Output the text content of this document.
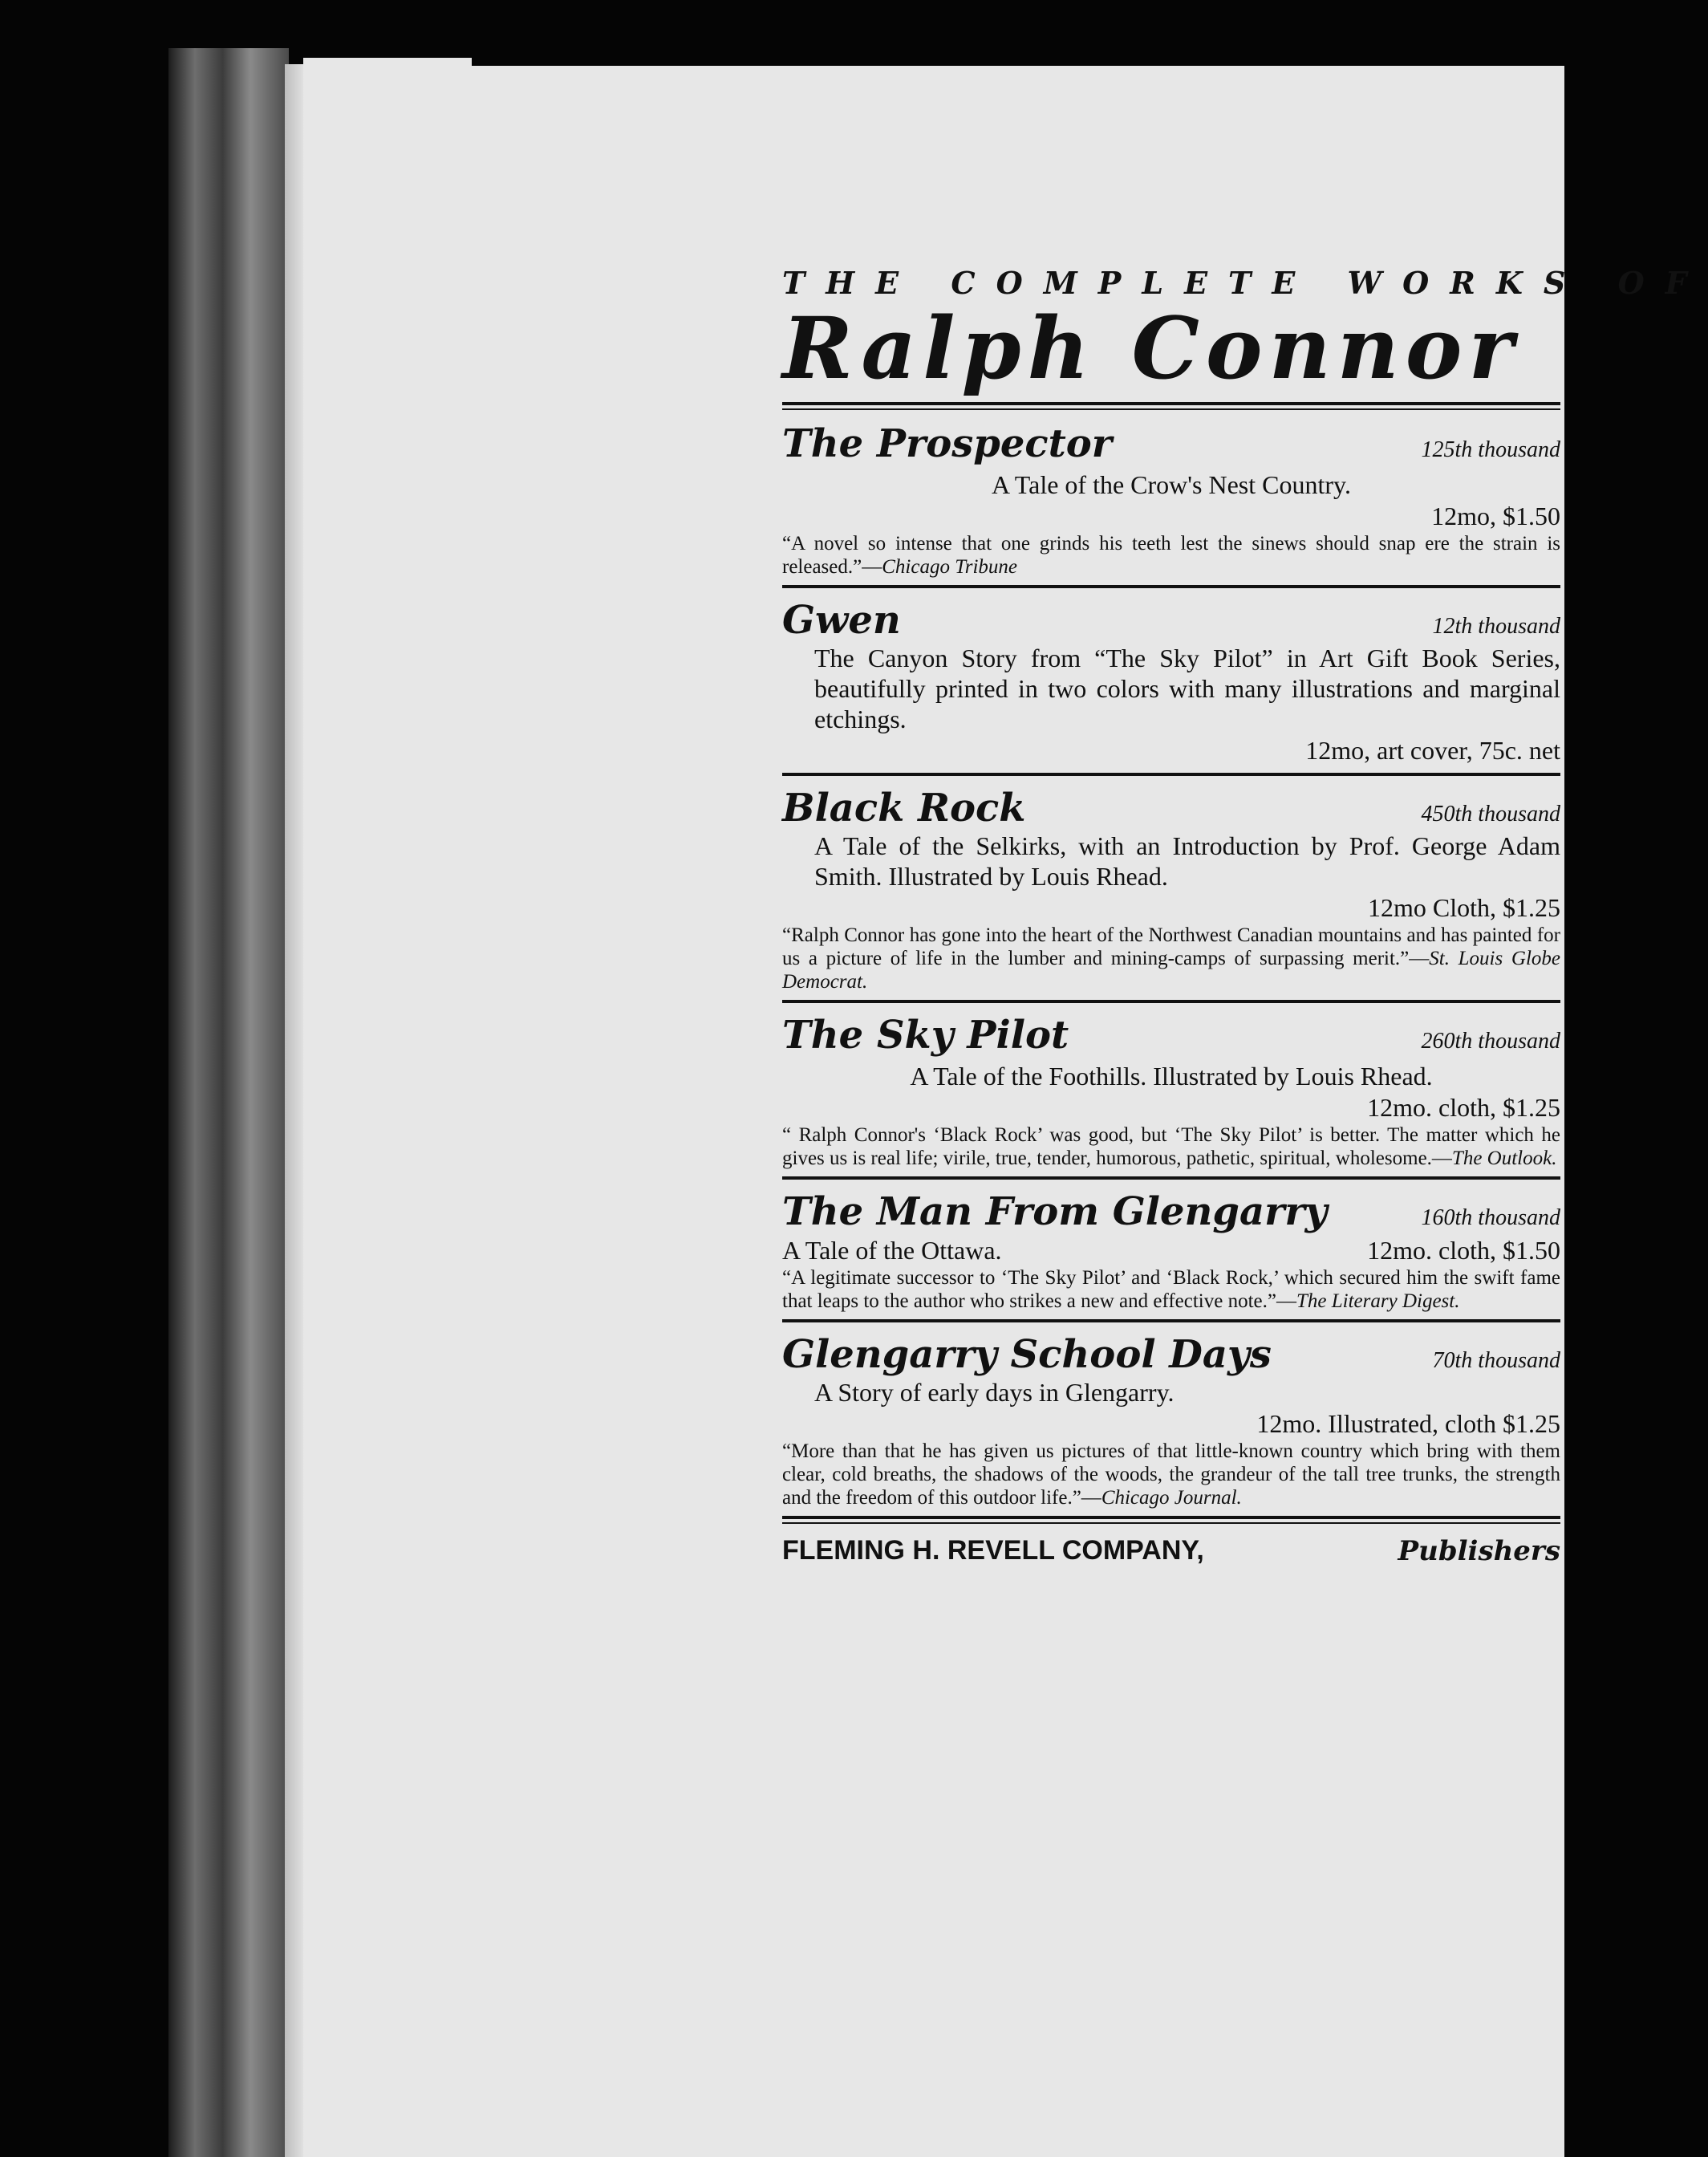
THE COMPLETE WORKS OF

Ralph Connor

The Prospector	125th thousand
A Tale of the Crow's Nest Country.
12mo, $1.50
“A novel so intense that one grinds his teeth lest the sinews should snap ere the strain is released.”—Chicago Tribune
Gwen	12th thousand
The Canyon Story from “The Sky Pilot” in Art Gift Book Series, beautifully printed in two colors with many illustrations and marginal etchings.
12mo, art cover, 75c. net
Black Rock	450th thousand
A Tale of the Selkirks, with an Introduction by Prof. George Adam Smith. Illustrated by Louis Rhead.
12mo Cloth, $1.25
“Ralph Connor has gone into the heart of the Northwest Canadian mountains and has painted for us a picture of life in the lumber and mining-camps of surpassing merit.”—St. Louis Globe Democrat.
The Sky Pilot	260th thousand
A Tale of the Foothills. Illustrated by Louis Rhead.
12mo. cloth, $1.25
“ Ralph Connor's ‘Black Rock’ was good, but ‘The Sky Pilot’ is better. The matter which he gives us is real life; virile, true, tender, humorous, pathetic, spiritual, wholesome.—The Outlook.
The Man From Glengarry	160th thousand
A Tale of the Ottawa.	12mo. cloth, $1.50
“A legitimate successor to ‘The Sky Pilot’ and ‘Black Rock,’ which secured him the swift fame that leaps to the author who strikes a new and effective note.”—The Literary Digest.
Glengarry School Days	70th thousand
A Story of early days in Glengarry.
12mo. Illustrated, cloth $1.25
“More than that he has given us pictures of that little-known country which bring with them clear, cold breaths, the shadows of the woods, the grandeur of the tall tree trunks, the strength and the freedom of this outdoor life.”—Chicago Journal.
FLEMING H. REVELL COMPANY,	Publishers
